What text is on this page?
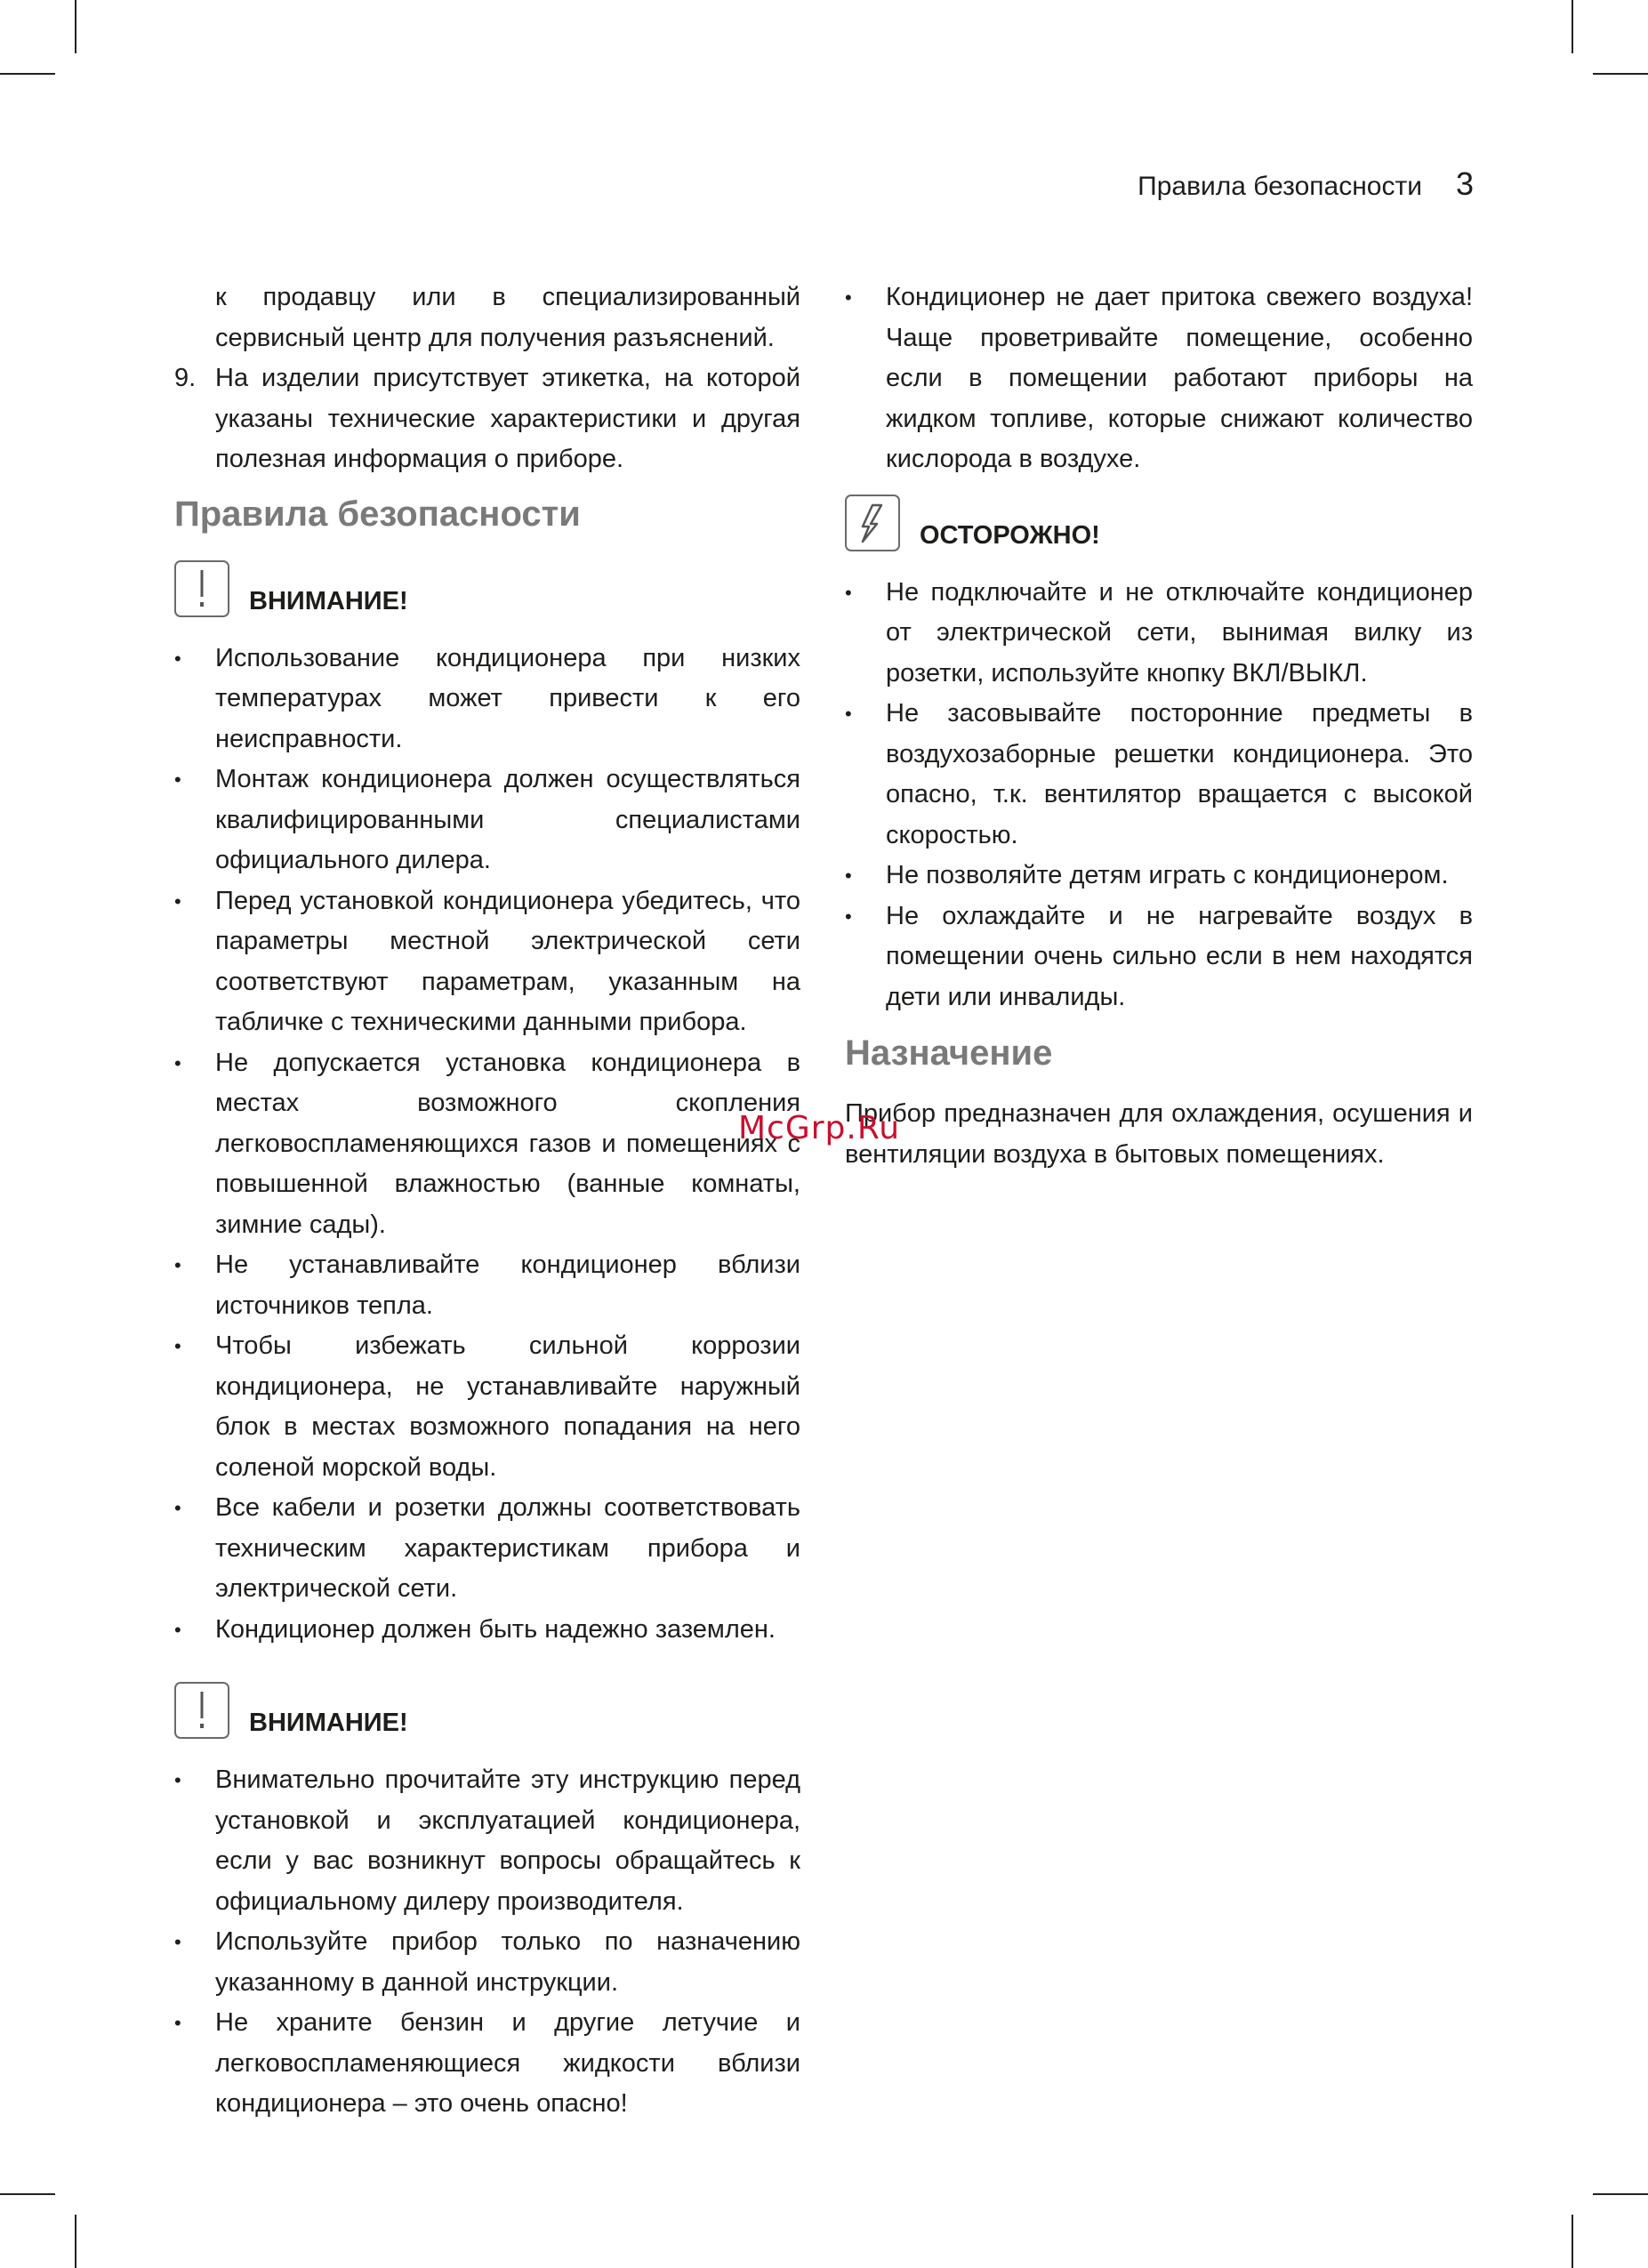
Правила безопасности 3

к продавцу или в специализированный сервисный центр для получения разъяснений.

9. На изделии присутствует этикетка, на которой указаны технические характеристики и другая полезная информация о приборе.

Правила безопасности
ВНИМАНИЕ!

• Использование кондиционера при низких температурах может привести к его неисправности.

• Монтаж кондиционера должен осуществляться квалифицированными специалистами официального дилера.

• Перед установкой кондиционера убедитесь, что параметры местной электрической сети соответствуют параметрам, указанным на табличке с техническими данными прибора.

• Не допускается установка кондиционера в местах возможного скопления легковоспламеняющихся газов и помещениях с повышенной влажностью (ванные комнаты, зимние сады).

• Не устанавливайте кондиционер вблизи источников тепла.

• Чтобы избежать сильной коррозии кондиционера, не устанавливайте наружный блок в местах возможного попадания на него соленой морской воды.

• Все кабели и розетки должны соответствовать техническим характеристикам прибора и электрической сети.

• Кондиционер должен быть надежно заземлен.

ВНИМАНИЕ!

• Внимательно прочитайте эту инструкцию перед установкой и эксплуатацией кондиционера, если у вас возникнут вопросы обращайтесь к официальному дилеру производителя.

• Используйте прибор только по назначению указанному в данной инструкции.

• Не храните бензин и другие летучие и легковоспламеняющиеся жидкости вблизи кондиционера – это очень опасно!

• Кондиционер не дает притока свежего воздуха! Чаще проветривайте помещение, особенно если в помещении работают приборы на жидком топливе, которые снижают количество кислорода в воздухе.

ОСТОРОЖНО!

• Не подключайте и не отключайте кондиционер от электрической сети, вынимая вилку из розетки, используйте кнопку ВКЛ/ВЫКЛ.

• Не засовывайте посторонние предметы в воздухозаборные решетки кондиционера. Это опасно, т.к. вентилятор вращается с высокой скоростью.

• Не позволяйте детям играть с кондиционером.

• Не охлаждайте и не нагревайте воздух в помещении очень сильно если в нем находятся дети или инвалиды.

Назначение

Прибор предназначен для охлаждения, осушения и вентиляции воздуха в бытовых помещениях.

McGrp.Ru
